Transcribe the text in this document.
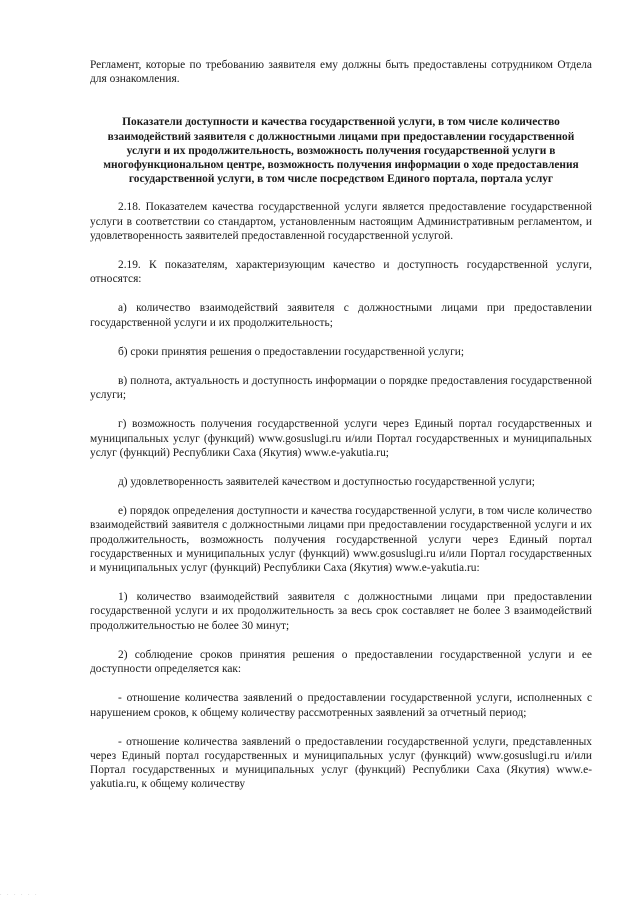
Регламент, которые по требованию заявителя ему должны быть предоставлены сотрудником Отдела для ознакомления.

Показатели доступности и качества государственной услуги, в том числе количество взаимодействий заявителя с должностными лицами при предоставлении государственной услуги и их продолжительность, возможность получения государственной услуги в многофункциональном центре, возможность получения информации о ходе предоставления государственной услуги, в том числе посредством Единого портала, портала услуг

2.18. Показателем качества государственной услуги является предоставление государственной услуги в соответствии со стандартом, установленным настоящим Административным регламентом, и удовлетворенность заявителей предоставленной государственной услугой.

2.19. К показателям, характеризующим качество и доступность государственной услуги, относятся:

а) количество взаимодействий заявителя с должностными лицами при предоставлении государственной услуги и их продолжительность;

б) сроки принятия решения о предоставлении государственной услуги;

в) полнота, актуальность и доступность информации о порядке предоставления государственной услуги;

г) возможность получения государственной услуги через Единый портал государственных и муниципальных услуг (функций) www.gosuslugi.ru и/или Портал государственных и муниципальных услуг (функций) Республики Саха (Якутия) www.e-yakutia.ru;

д) удовлетворенность заявителей качеством и доступностью государственной услуги;

е) порядок определения доступности и качества государственной услуги, в том числе количество взаимодействий заявителя с должностными лицами при предоставлении государственной услуги и их продолжительность, возможность получения государственной услуги через Единый портал государственных и муниципальных услуг (функций) www.gosuslugi.ru и/или Портал государственных и муниципальных услуг (функций) Республики Саха (Якутия) www.e-yakutia.ru:

1) количество взаимодействий заявителя с должностными лицами при предоставлении государственной услуги и их продолжительность за весь срок составляет не более 3 взаимодействий продолжительностью не более 30 минут;

2) соблюдение сроков принятия решения о предоставлении государственной услуги и ее доступности определяется как:

- отношение количества заявлений о предоставлении государственной услуги, исполненных с нарушением сроков, к общему количеству рассмотренных заявлений за отчетный период;

- отношение количества заявлений о предоставлении государственной услуги, представленных через Единый портал государственных и муниципальных услуг (функций) www.gosuslugi.ru и/или Портал государственных и муниципальных услуг (функций) Республики Саха (Якутия) www.e-yakutia.ru, к общему количеству

. . . . . .
